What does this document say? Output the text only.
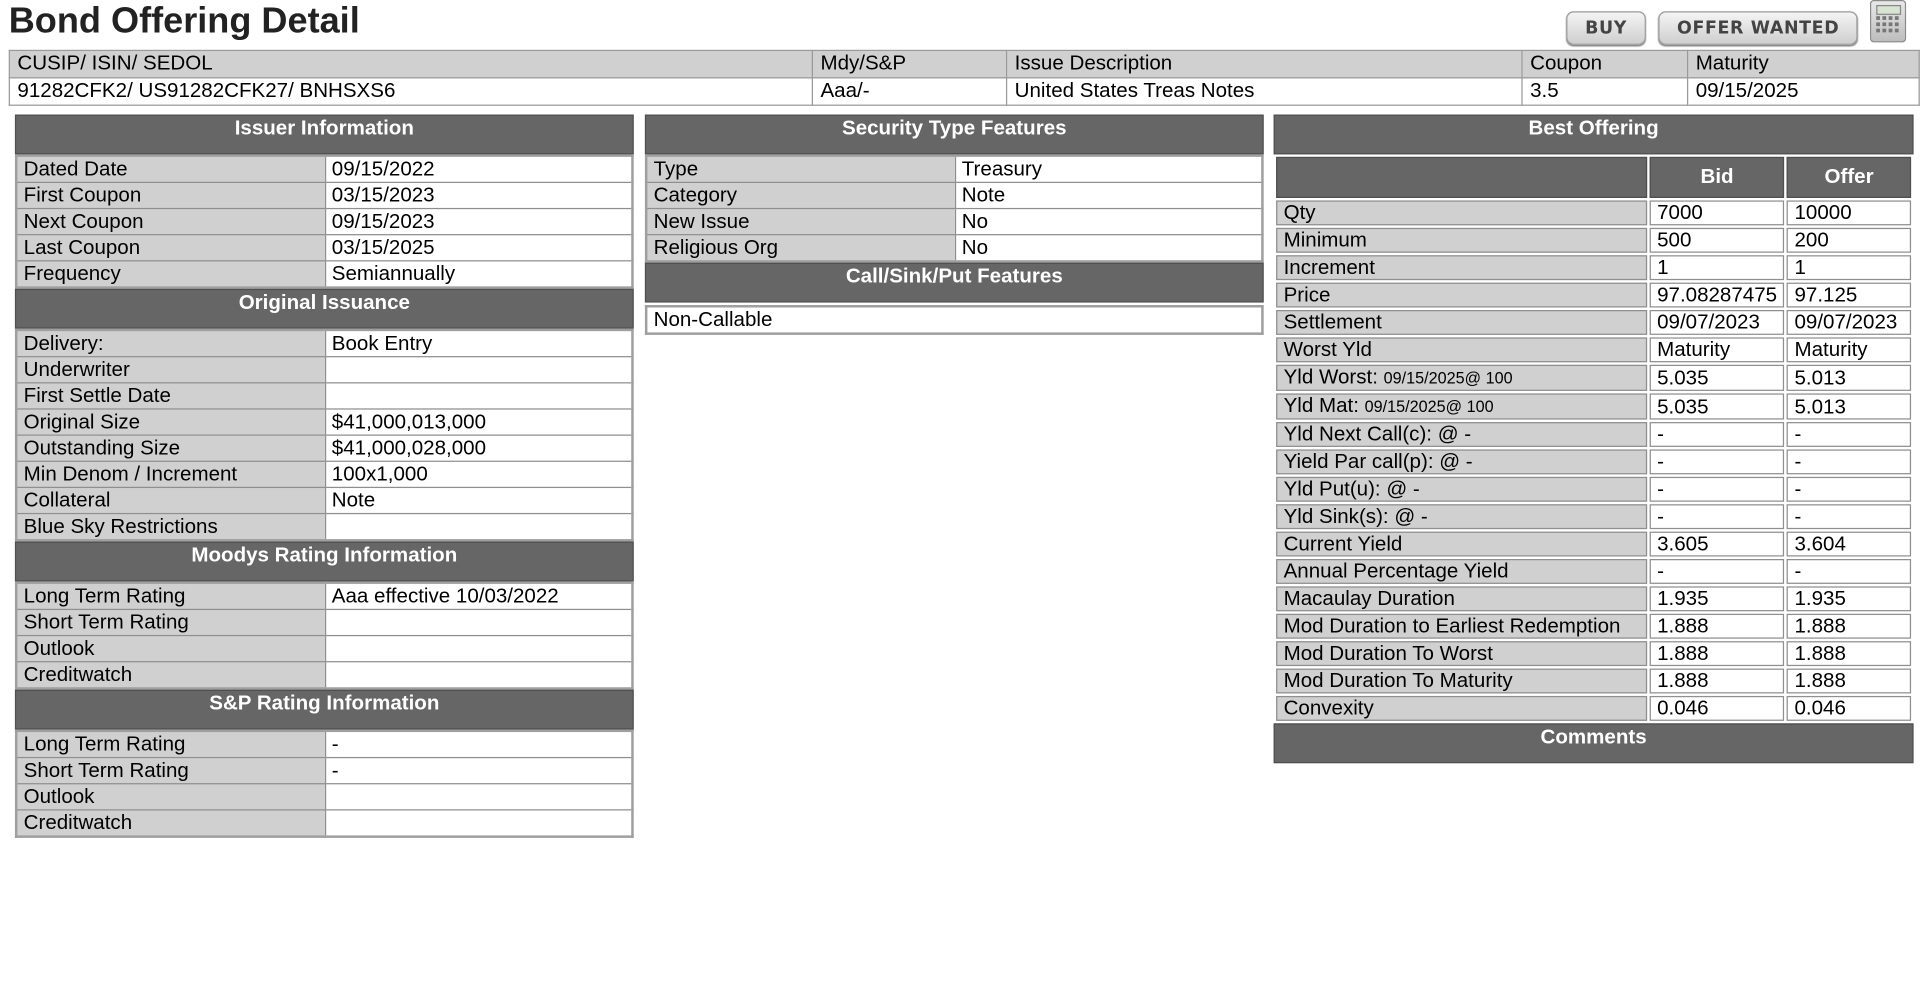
Bond Offering Detail	BUY	OFFER WANTED
CUSIP/ ISIN/ SEDOL	Mdy/S&P	Issue Description	Coupon	Maturity
91282CFK2/ US91282CFK27/ BNHSXS6	Aaa/-	United States Treas Notes	3.5	09/15/2025
Issuer Information
Dated Date	09/15/2022
First Coupon	03/15/2023
Next Coupon	09/15/2023
Last Coupon	03/15/2025
Frequency	Semiannually
Original Issuance
Delivery:	Book Entry
Underwriter	
First Settle Date	
Original Size	$41,000,013,000
Outstanding Size	$41,000,028,000
Min Denom / Increment	100x1,000
Collateral	Note
Blue Sky Restrictions	
Moodys Rating Information
Long Term Rating	Aaa effective 10/03/2022
Short Term Rating	
Outlook	
Creditwatch	
S&P Rating Information
Long Term Rating	-
Short Term Rating	-
Outlook	
Creditwatch	
Security Type Features
Type	Treasury
Category	Note
New Issue	No
Religious Org	No
Call/Sink/Put Features
Non-Callable
Best Offering
	Bid	Offer
Qty	7000	10000
Minimum	500	200
Increment	1	1
Price	97.08287475	97.125
Settlement	09/07/2023	09/07/2023
Worst Yld	Maturity	Maturity
Yld Worst: 09/15/2025@ 100	5.035	5.013
Yld Mat: 09/15/2025@ 100	5.035	5.013
Yld Next Call(c): @ -	-	-
Yield Par call(p): @ -	-	-
Yld Put(u): @ -	-	-
Yld Sink(s): @ -	-	-
Current Yield	3.605	3.604
Annual Percentage Yield	-	-
Macaulay Duration	1.935	1.935
Mod Duration to Earliest Redemption	1.888	1.888
Mod Duration To Worst	1.888	1.888
Mod Duration To Maturity	1.888	1.888
Convexity	0.046	0.046
Comments
